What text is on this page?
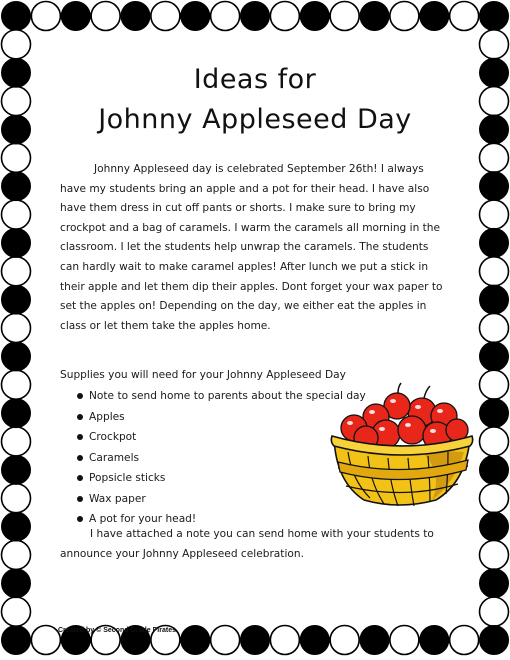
Ideas for
Johnny Appleseed Day
Johnny Appleseed day is celebrated September 26th! I always have my students bring an apple and a pot for their head. I have also have them dress in cut off pants or shorts. I make sure to bring my crockpot and a bag of caramels. I warm the caramels all morning in the classroom. I let the students help unwrap the caramels. The students can hardly wait to make caramel apples! After lunch we put a stick in their apple and let them dip their apples. Dont forget your wax paper to set the apples on! Depending on the day, we either eat the apples in class or let them take the apples home.
Supplies you will need for your Johnny Appleseed Day
Note to send home to parents about the special day
Apples
Crockpot
Caramels
Popsicle sticks
Wax paper
A pot for your head!
I have attached a note you can send home with your students to announce your Johnny Appleseed celebration.
Created by © Second Grade Pirates
